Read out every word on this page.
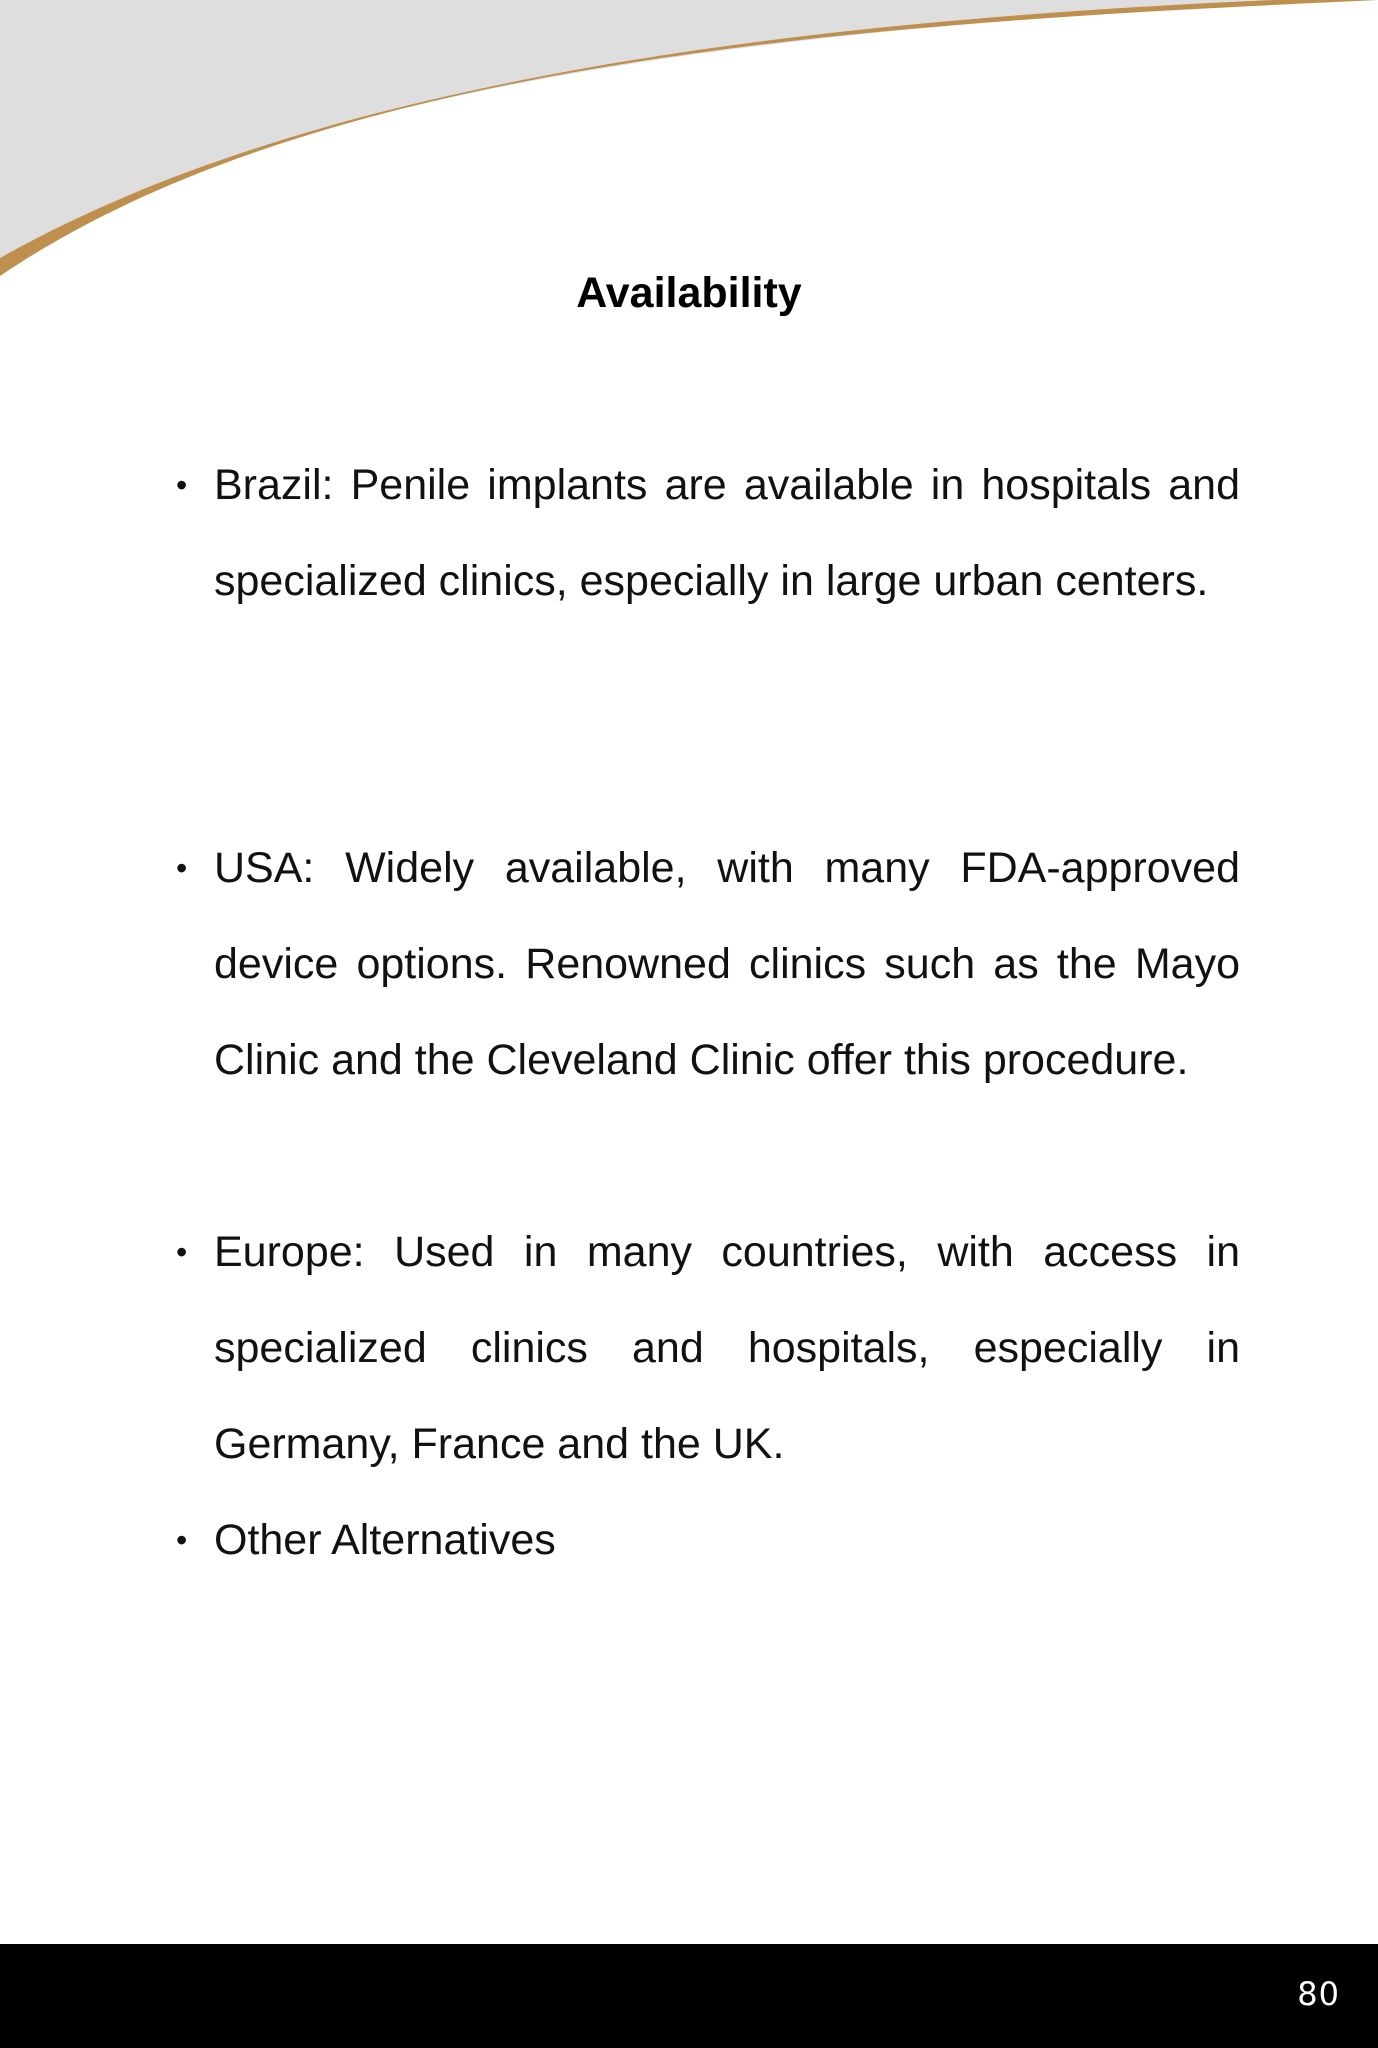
Availability
• Brazil: Penile implants are available in hospitals and specialized clinics, especially in large urban centers.
• USA: Widely available, with many FDA-approved device options. Renowned clinics such as the Mayo Clinic and the Cleveland Clinic offer this procedure.
• Europe: Used in many countries, with access in specialized clinics and hospitals, especially in Germany, France and the UK.
• Other Alternatives
80
